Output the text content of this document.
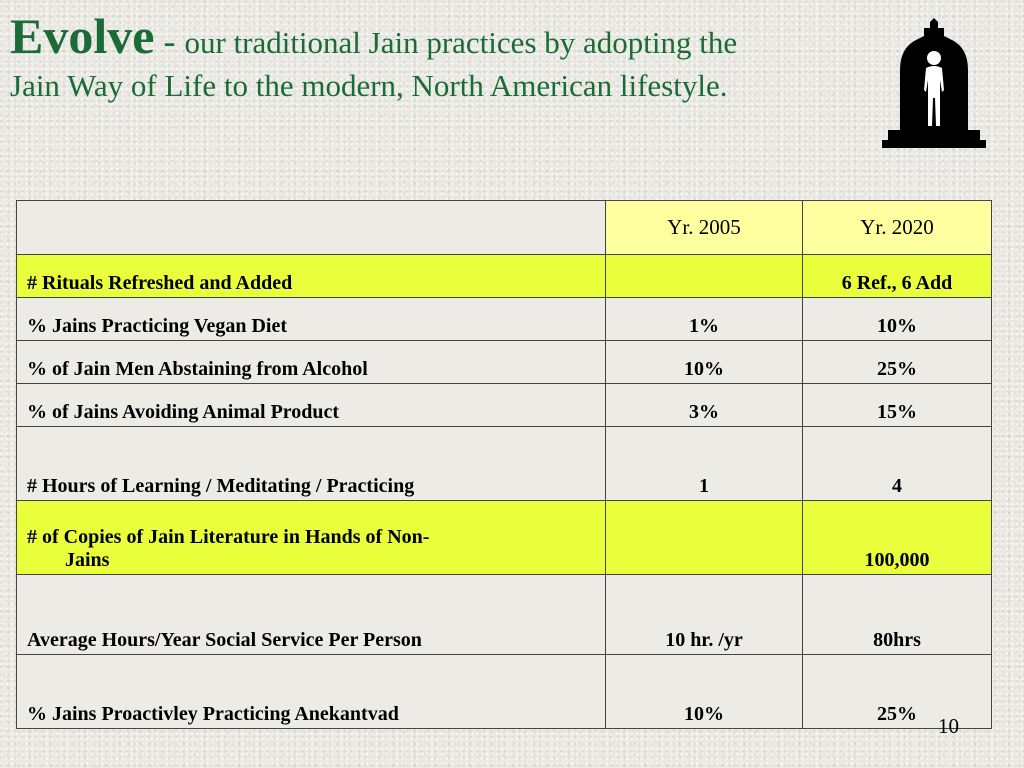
Evolve - our traditional Jain practices by adopting the
Jain Way of Life to the modern, North American lifestyle.
	Yr. 2005	Yr. 2020
# Rituals Refreshed and Added		6 Ref., 6 Add
% Jains Practicing Vegan Diet	1%	10%
% of Jain Men Abstaining from Alcohol	10%	25%
% of Jains Avoiding Animal Product	3%	15%
# Hours of Learning / Meditating / Practicing	1	4
# of Copies of Jain Literature in Hands of Non-
Jains		100,000
Average Hours/Year Social Service Per Person	10 hr. /yr	80hrs
% Jains Proactivley Practicing Anekantvad	10%	25% 10
